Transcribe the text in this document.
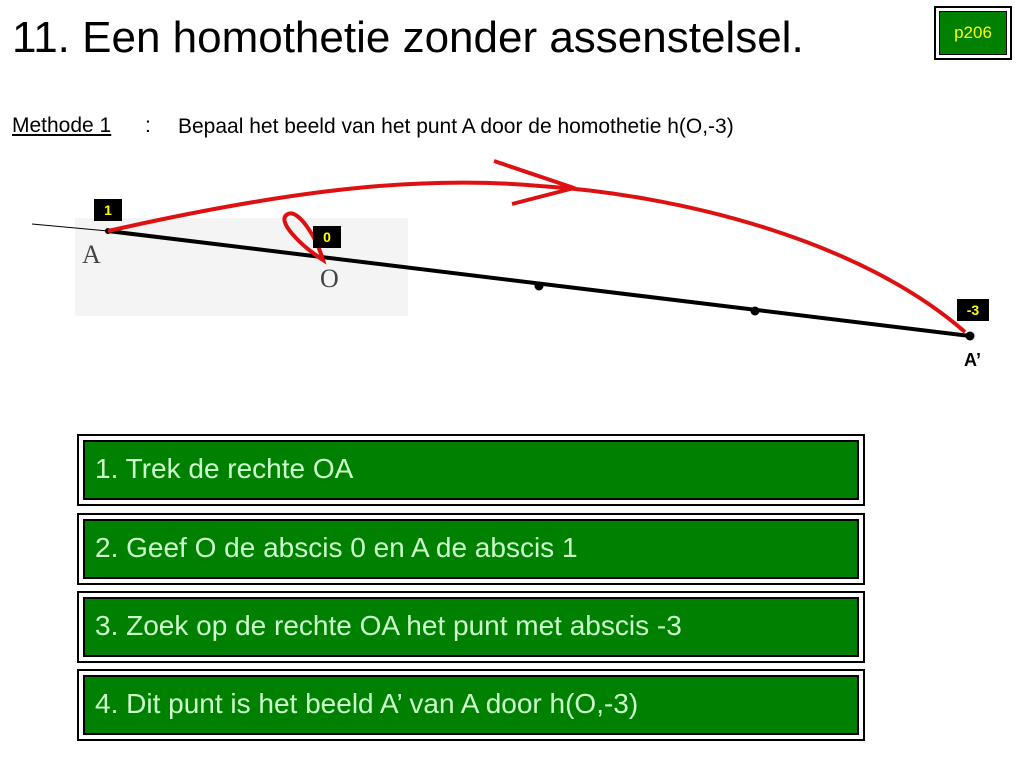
11. Een homothetie zonder assenstelsel.	p206
Methode 1 : Bepaal het beeld van het punt A door de homothetie h(O,-3)
1
0
-3
A
O
A’
1. Trek de rechte OA
2. Geef O de abscis 0 en A de abscis 1
3. Zoek op de rechte OA het punt met abscis -3
4. Dit punt is het beeld A’ van A door h(O,-3)
